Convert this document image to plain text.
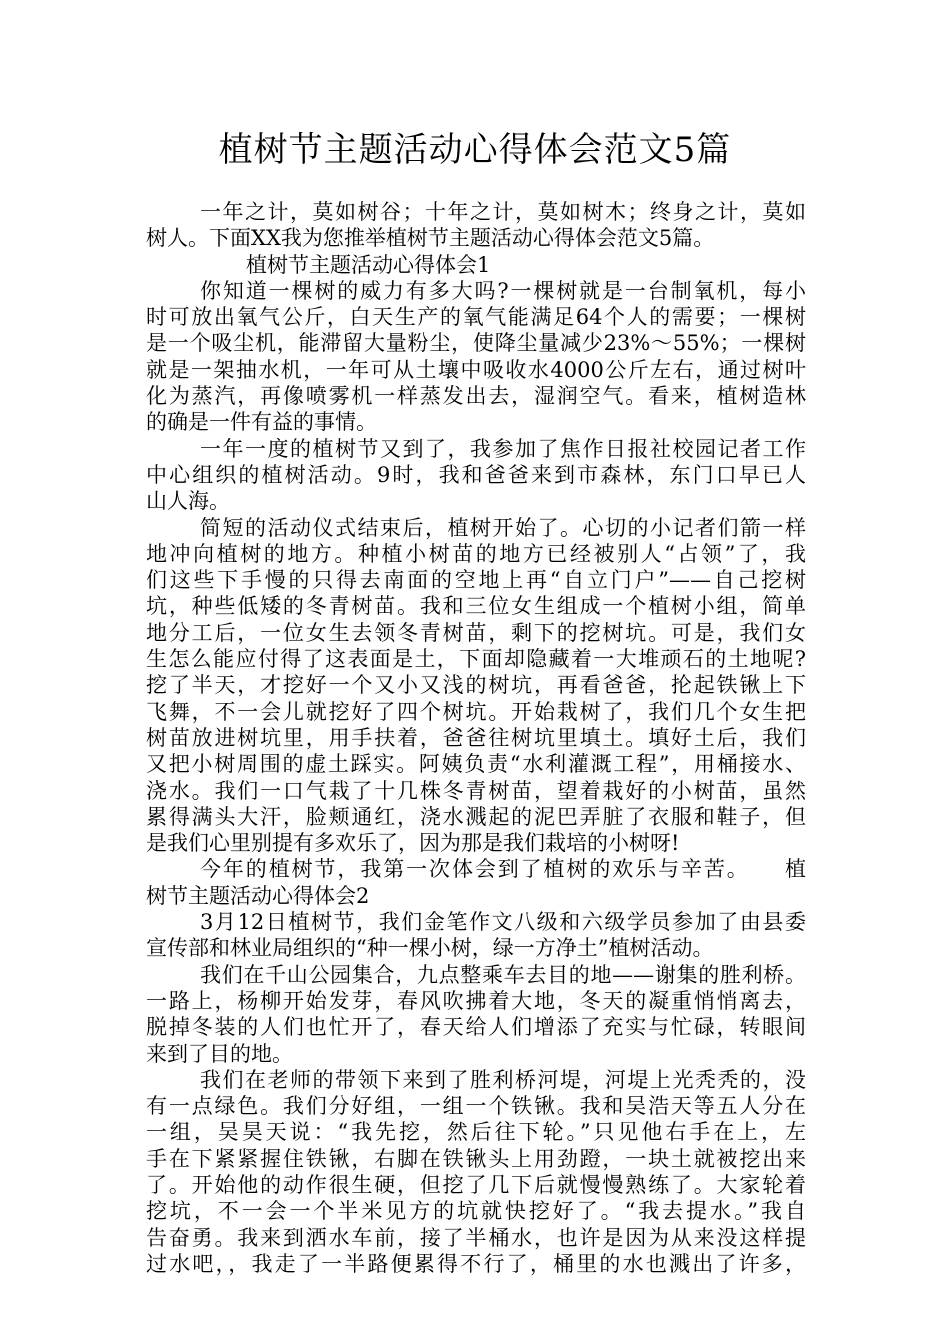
植树节主题活动心得体会范文5篇
一年之计，莫如树谷；十年之计，莫如树木；终身之计，莫如
树人。下面XX我为您推举植树节主题活动心得体会范文5篇。
植树节主题活动心得体会1
你知道一棵树的威力有多大吗?一棵树就是一台制氧机，每小
时可放出氧气公斤，白天生产的氧气能满足64个人的需要；一棵树
是一个吸尘机，能滞留大量粉尘，使降尘量减少23%～55%；一棵树
就是一架抽水机，一年可从土壤中吸收水4000公斤左右，通过树叶
化为蒸汽，再像喷雾机一样蒸发出去，湿润空气。看来，植树造林
的确是一件有益的事情。
一年一度的植树节又到了，我参加了焦作日报社校园记者工作
中心组织的植树活动。9时，我和爸爸来到市森林，东门口早已人
山人海。
简短的活动仪式结束后，植树开始了。心切的小记者们箭一样
地冲向植树的地方。种植小树苗的地方已经被别人“占领”了，我
们这些下手慢的只得去南面的空地上再“自立门户”——自己挖树
坑，种些低矮的冬青树苗。我和三位女生组成一个植树小组，简单
地分工后，一位女生去领冬青树苗，剩下的挖树坑。可是，我们女
生怎么能应付得了这表面是土，下面却隐藏着一大堆顽石的土地呢?
挖了半天，才挖好一个又小又浅的树坑，再看爸爸，抡起铁锹上下
飞舞，不一会儿就挖好了四个树坑。开始栽树了，我们几个女生把
树苗放进树坑里，用手扶着，爸爸往树坑里填土。填好土后，我们
又把小树周围的虚土踩实。阿姨负责“水利灌溉工程”，用桶接水、
浇水。我们一口气栽了十几株冬青树苗，望着栽好的小树苗，虽然
累得满头大汗，脸颊通红，浇水溅起的泥巴弄脏了衣服和鞋子，但
是我们心里别提有多欢乐了，因为那是我们栽培的小树呀!
今年的植树节，我第一次体会到了植树的欢乐与辛苦。　　植
树节主题活动心得体会2
3月12日植树节，我们金笔作文八级和六级学员参加了由县委
宣传部和林业局组织的“种一棵小树，绿一方净土”植树活动。
我们在千山公园集合，九点整乘车去目的地——谢集的胜利桥。
一路上，杨柳开始发芽，春风吹拂着大地，冬天的凝重悄悄离去，
脱掉冬装的人们也忙开了，春天给人们增添了充实与忙碌，转眼间
来到了目的地。
我们在老师的带领下来到了胜利桥河堤，河堤上光秃秃的，没
有一点绿色。我们分好组，一组一个铁锹。我和吴浩天等五人分在
一组，吴昊天说：“我先挖，然后往下轮。”只见他右手在上，左
手在下紧紧握住铁锹，右脚在铁锹头上用劲蹬，一块土就被挖出来
了。开始他的动作很生硬，但挖了几下后就慢慢熟练了。大家轮着
挖坑，不一会一个半米见方的坑就快挖好了。“我去提水。”我自
告奋勇。我来到洒水车前，接了半桶水，也许是因为从来没这样提
过水吧，，我走了一半路便累得不行了，桶里的水也溅出了许多，
